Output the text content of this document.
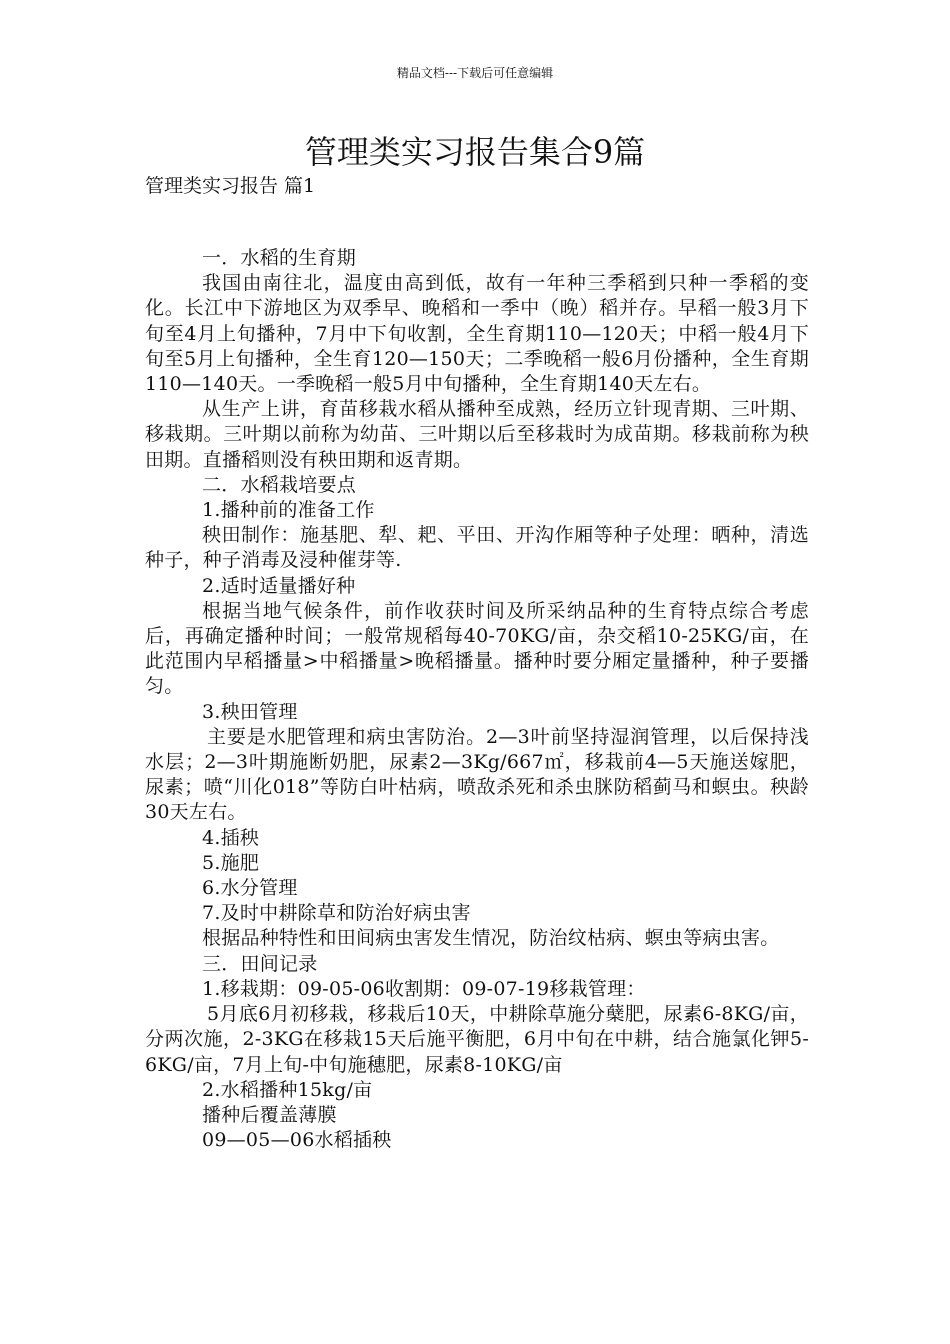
精品文档---下载后可任意编辑
管理类实习报告集合9篇
管理类实习报告 篇1

一．水稻的生育期

我国由南往北，温度由高到低，故有一年种三季稻到只种一季稻的变化。长江中下游地区为双季早、晚稻和一季中（晚）稻并存。早稻一般3月下旬至4月上旬播种，7月中下旬收割，全生育期110—120天；中稻一般4月下旬至5月上旬播种，全生育120—150天；二季晚稻一般6月份播种，全生育期110—140天。一季晚稻一般5月中旬播种，全生育期140天左右。

从生产上讲，育苗移栽水稻从播种至成熟，经历立针现青期、三叶期、移栽期。三叶期以前称为幼苗、三叶期以后至移栽时为成苗期。移栽前称为秧田期。直播稻则没有秧田期和返青期。

二．水稻栽培要点

1.播种前的准备工作

秧田制作：施基肥、犁、耙、平田、开沟作厢等种子处理：晒种，清选种子，种子消毒及浸种催芽等.

2.适时适量播好种

根据当地气候条件，前作收获时间及所采纳品种的生育特点综合考虑后，再确定播种时间；一般常规稻每40-70KG/亩，杂交稻10-25KG/亩，在此范围内早稻播量>中稻播量>晚稻播量。播种时要分厢定量播种，种子要播匀。

3.秧田管理

主要是水肥管理和病虫害防治。2—3叶前坚持湿润管理，以后保持浅水层；2—3叶期施断奶肥，尿素2—3Kg/667㎡，移栽前4—5天施送嫁肥，尿素；喷“川化018”等防白叶枯病，喷敌杀死和杀虫脒防稻蓟马和螟虫。秧龄30天左右。

4.插秧

5.施肥

6.水分管理

7.及时中耕除草和防治好病虫害

根据品种特性和田间病虫害发生情况，防治纹枯病、螟虫等病虫害。

三．田间记录

1.移栽期：09-05-06收割期：09-07-19移栽管理：

5月底6月初移栽，移栽后10天，中耕除草施分蘖肥，尿素6-8KG/亩，分两次施，2-3KG在移栽15天后施平衡肥，6月中旬在中耕，结合施氯化钾5-6KG/亩，7月上旬-中旬施穗肥，尿素8-10KG/亩

2.水稻播种15kg/亩

播种后覆盖薄膜

09—05—06水稻插秧
